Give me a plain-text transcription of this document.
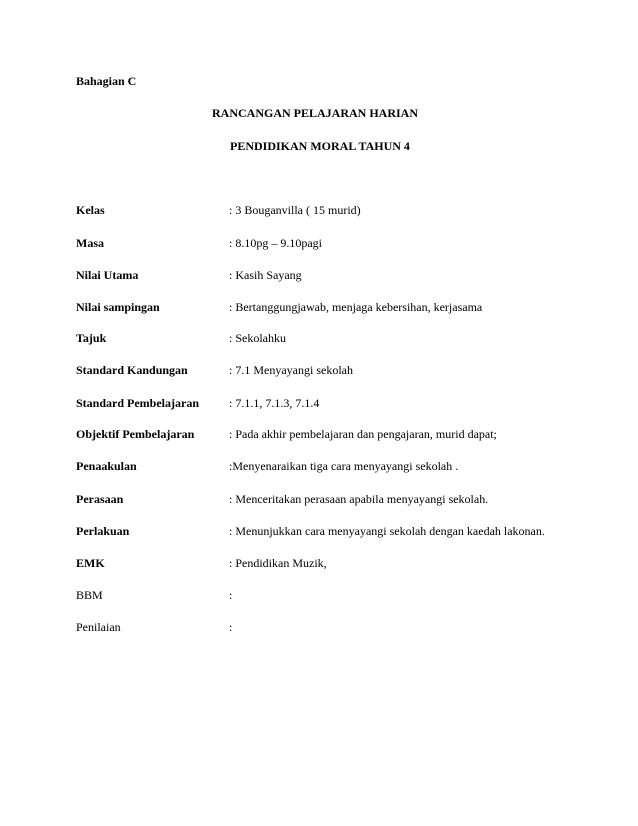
Bahagian C
RANCANGAN PELAJARAN HARIAN
PENDIDIKAN MORAL TAHUN 4
Kelas	: 3 Bouganvilla ( 15 murid)
Masa	: 8.10pg – 9.10pagi
Nilai Utama	: Kasih Sayang
Nilai sampingan	: Bertanggungjawab, menjaga kebersihan, kerjasama
Tajuk	: Sekolahku
Standard Kandungan	: 7.1 Menyayangi sekolah
Standard Pembelajaran	: 7.1.1, 7.1.3, 7.1.4
Objektif Pembelajaran	: Pada akhir pembelajaran dan pengajaran, murid dapat;
Penaakulan	:Menyenaraikan tiga cara menyayangi sekolah .
Perasaan	: Menceritakan perasaan apabila menyayangi sekolah.
Perlakuan	: Menunjukkan cara menyayangi sekolah dengan kaedah lakonan.
EMK	: Pendidikan Muzik,
BBM	:
Penilaian	:
